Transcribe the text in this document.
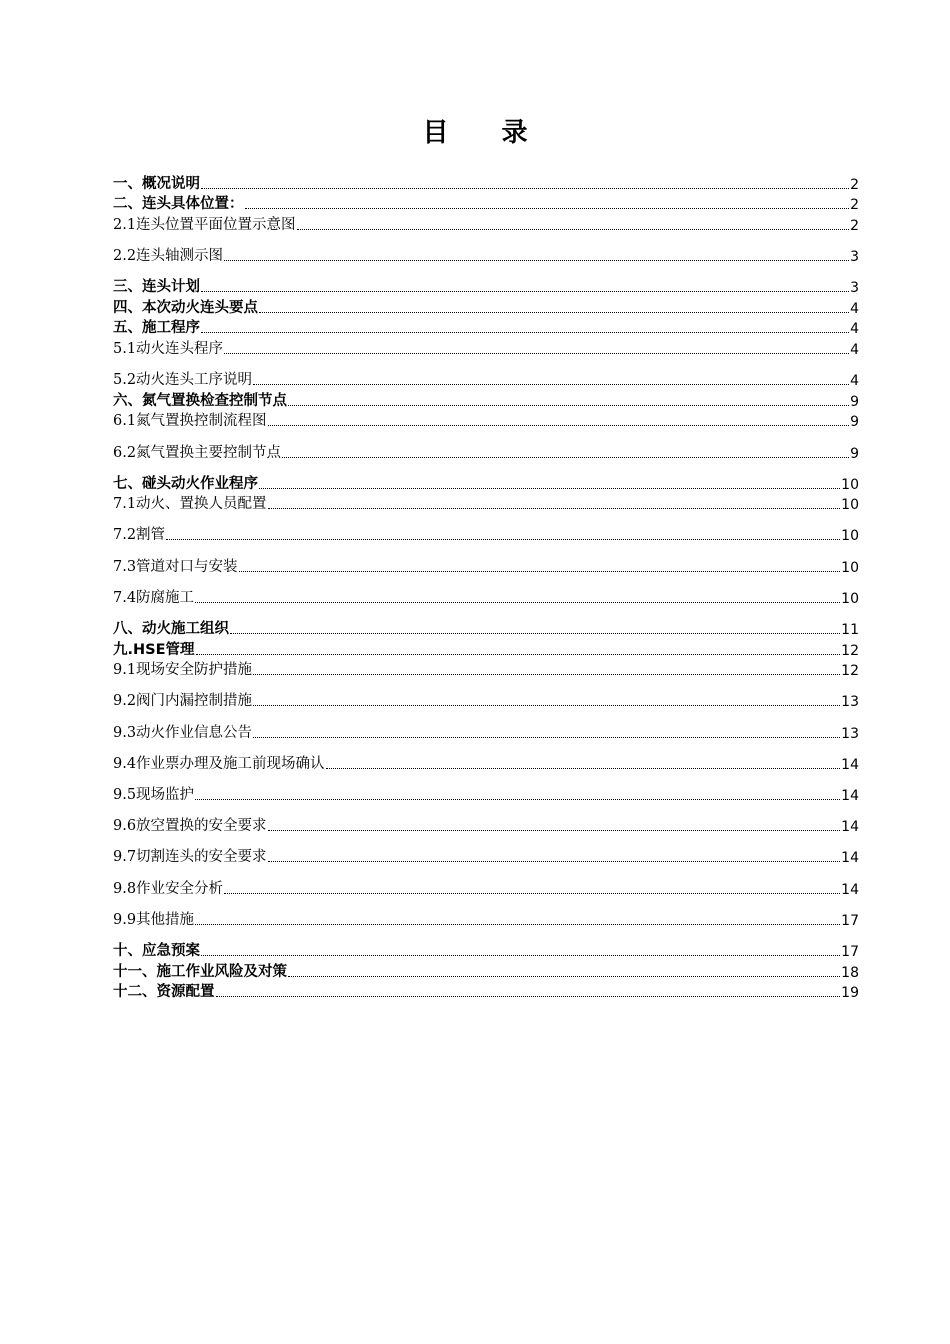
目 录
一、概况说明	2
二、连头具体位置：	2
2.1连头位置平面位置示意图	2
2.2连头轴测示图	3
三、连头计划	3
四、本次动火连头要点	4
五、施工程序	4
5.1动火连头程序	4
5.2动火连头工序说明	4
六、氮气置换检查控制节点	9
6.1氮气置换控制流程图	9
6.2氮气置换主要控制节点	9
七、碰头动火作业程序	10
7.1动火、置换人员配置	10
7.2割管	10
7.3管道对口与安装	10
7.4防腐施工	10
八、动火施工组织	11
九.HSE管理	12
9.1现场安全防护措施	12
9.2阀门内漏控制措施	13
9.3动火作业信息公告	13
9.4作业票办理及施工前现场确认	14
9.5现场监护	14
9.6放空置换的安全要求	14
9.7切割连头的安全要求	14
9.8作业安全分析	14
9.9其他措施	17
十、应急预案	17
十一、施工作业风险及对策	18
十二、资源配置	19
